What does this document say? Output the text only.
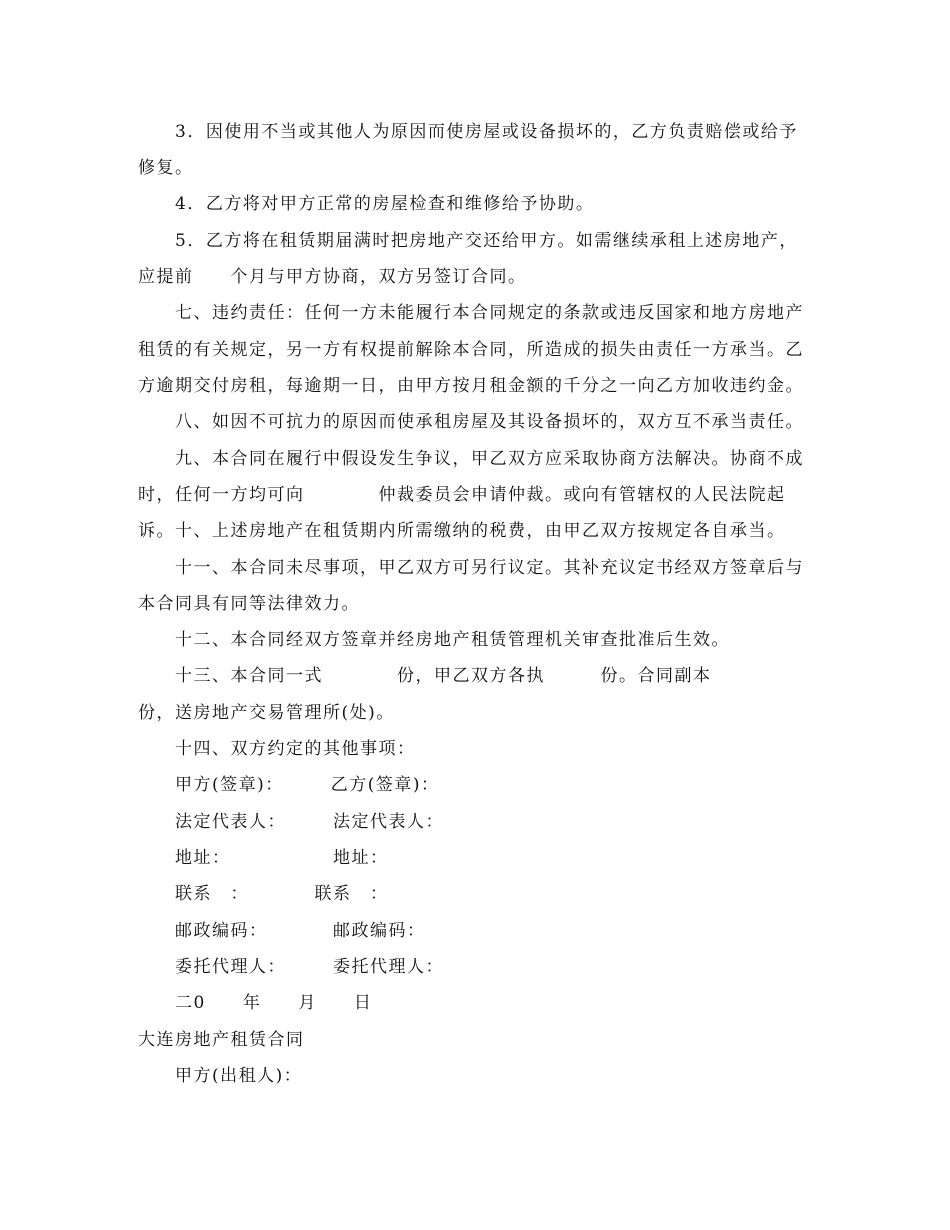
3．因使用不当或其他人为原因而使房屋或设备损坏的，乙方负责赔偿或给予
修复。
4．乙方将对甲方正常的房屋检查和维修给予协助。
5．乙方将在租赁期届满时把房地产交还给甲方。如需继续承租上述房地产，
应提前　　个月与甲方协商，双方另签订合同。
七、违约责任：任何一方未能履行本合同规定的条款或违反国家和地方房地产
租赁的有关规定，另一方有权提前解除本合同，所造成的损失由责任一方承当。乙
方逾期交付房租，每逾期一日，由甲方按月租金额的千分之一向乙方加收违约金。
八、如因不可抗力的原因而使承租房屋及其设备损坏的，双方互不承当责任。
九、本合同在履行中假设发生争议，甲乙双方应采取协商方法解决。协商不成
时，任何一方均可向　　　　仲裁委员会申请仲裁。或向有管辖权的人民法院起
诉。十、上述房地产在租赁期内所需缴纳的税费，由甲乙双方按规定各自承当。
十一、本合同未尽事项，甲乙双方可另行议定。其补充议定书经双方签章后与
本合同具有同等法律效力。
十二、本合同经双方签章并经房地产租赁管理机关审查批准后生效。
十三、本合同一式　　　　份，甲乙双方各执　　　份。合同副本
份，送房地产交易管理所(处)。
十四、双方约定的其他事项：
甲方(签章)：　　　乙方(签章)：
法定代表人：　　　法定代表人：
地址：　　　　　　地址：
联系　：　　　　联系　：
邮政编码：　　　　邮政编码：
委托代理人：　　　委托代理人：
二0　　年　　月　　日
大连房地产租赁合同
甲方(出租人)：
